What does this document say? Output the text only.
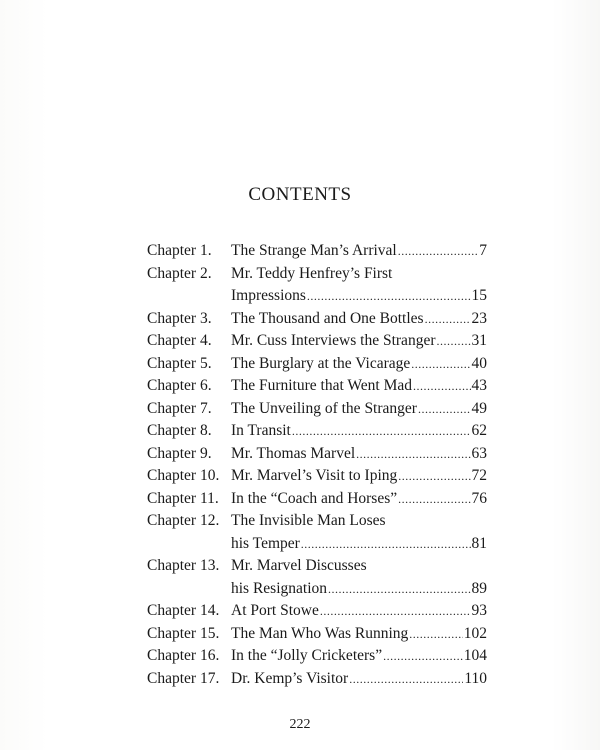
CONTENTS
Chapter 1.	The Strange Man’s Arrival .....	7
Chapter 2.	Mr. Teddy Henfrey’s First
Impressions .....	15
Chapter 3.	The Thousand and One Bottles .....	23
Chapter 4.	Mr. Cuss Interviews the Stranger ..... 31
Chapter 5.	The Burglary at the Vicarage .....	40
Chapter 6.	The Furniture that Went Mad .....	43
Chapter 7.	The Unveiling of the Stranger .....	49
Chapter 8.	In Transit .....	62
Chapter 9.	Mr. Thomas Marvel .....	63
Chapter 10. Mr. Marvel’s Visit to Iping .....	72
Chapter 11. In the “Coach and Horses” .....	76
Chapter 12. The Invisible Man Loses
his Temper .....	81
Chapter 13. Mr. Marvel Discusses
his Resignation .....	89
Chapter 14. At Port Stowe .....	93
Chapter 15. The Man Who Was Running .....	102
Chapter 16. In the “Jolly Cricketers” .....	104
Chapter 17. Dr. Kemp’s Visitor .....	110
222
